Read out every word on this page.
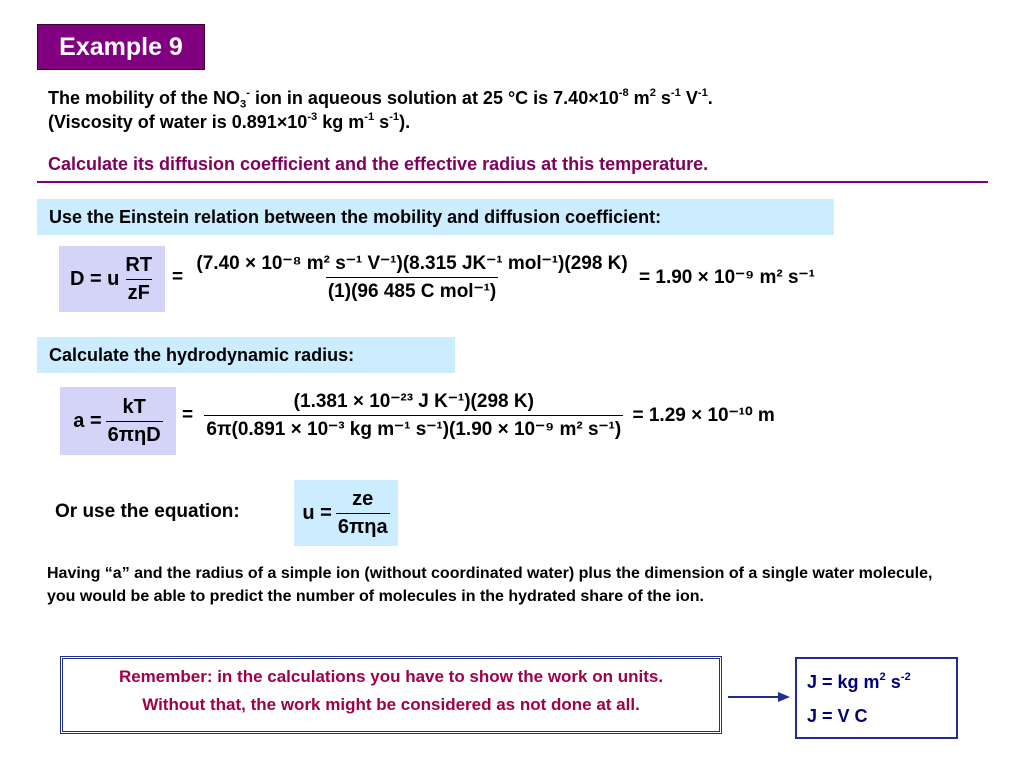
Example 9
The mobility of the $NO_3^-$ ion in aqueous solution at 25 °C is $7.40\times 10^{-8}$ $m^2$ $s^{-1}$ $V^{-1}$.
(Viscosity of water is $0.891\times 10^{-3}$ kg $m^{-1}$ $s^{-1}$).
Calculate its diffusion coefficient and the effective radius at this temperature.
Use the Einstein relation between the mobility and diffusion coefficient:
D = u $\frac{RT}{zF} = \frac{\text{(7.40 × 10⁻⁸ m² s⁻¹ V⁻¹)(8.315 JK⁻¹ mol⁻¹)(298 K)}}{\text{(1)(96 485 C mol⁻¹)}} = 1.90 \times 10^{-9}$ m² s⁻¹
Calculate the hydrodynamic radius:
$a = \frac{kT}{\text{6πηD}} = \frac{\text{(1.381 × 10⁻²³ J K⁻¹)(298 K)}}{\text{6π(0.891 × 10⁻³ kg m⁻¹ s⁻¹)(1.90 × 10⁻⁹ m² s⁻¹)}} = 1.29 \times 10^{-10}$ m
Or use the equation:	$u = \frac{ze}{\text{6πηa}}$
Having “a” and the radius of a simple ion (without coordinated water) plus the dimension of a single water molecule, you would be able to predict the number of molecules in the hydrated share of the ion.
Remember: in the calculations you have to show the work on units.
Without that, the work might be considered as not done at all.
J = kg $m^2$ $s^{-2}$
J = V C
